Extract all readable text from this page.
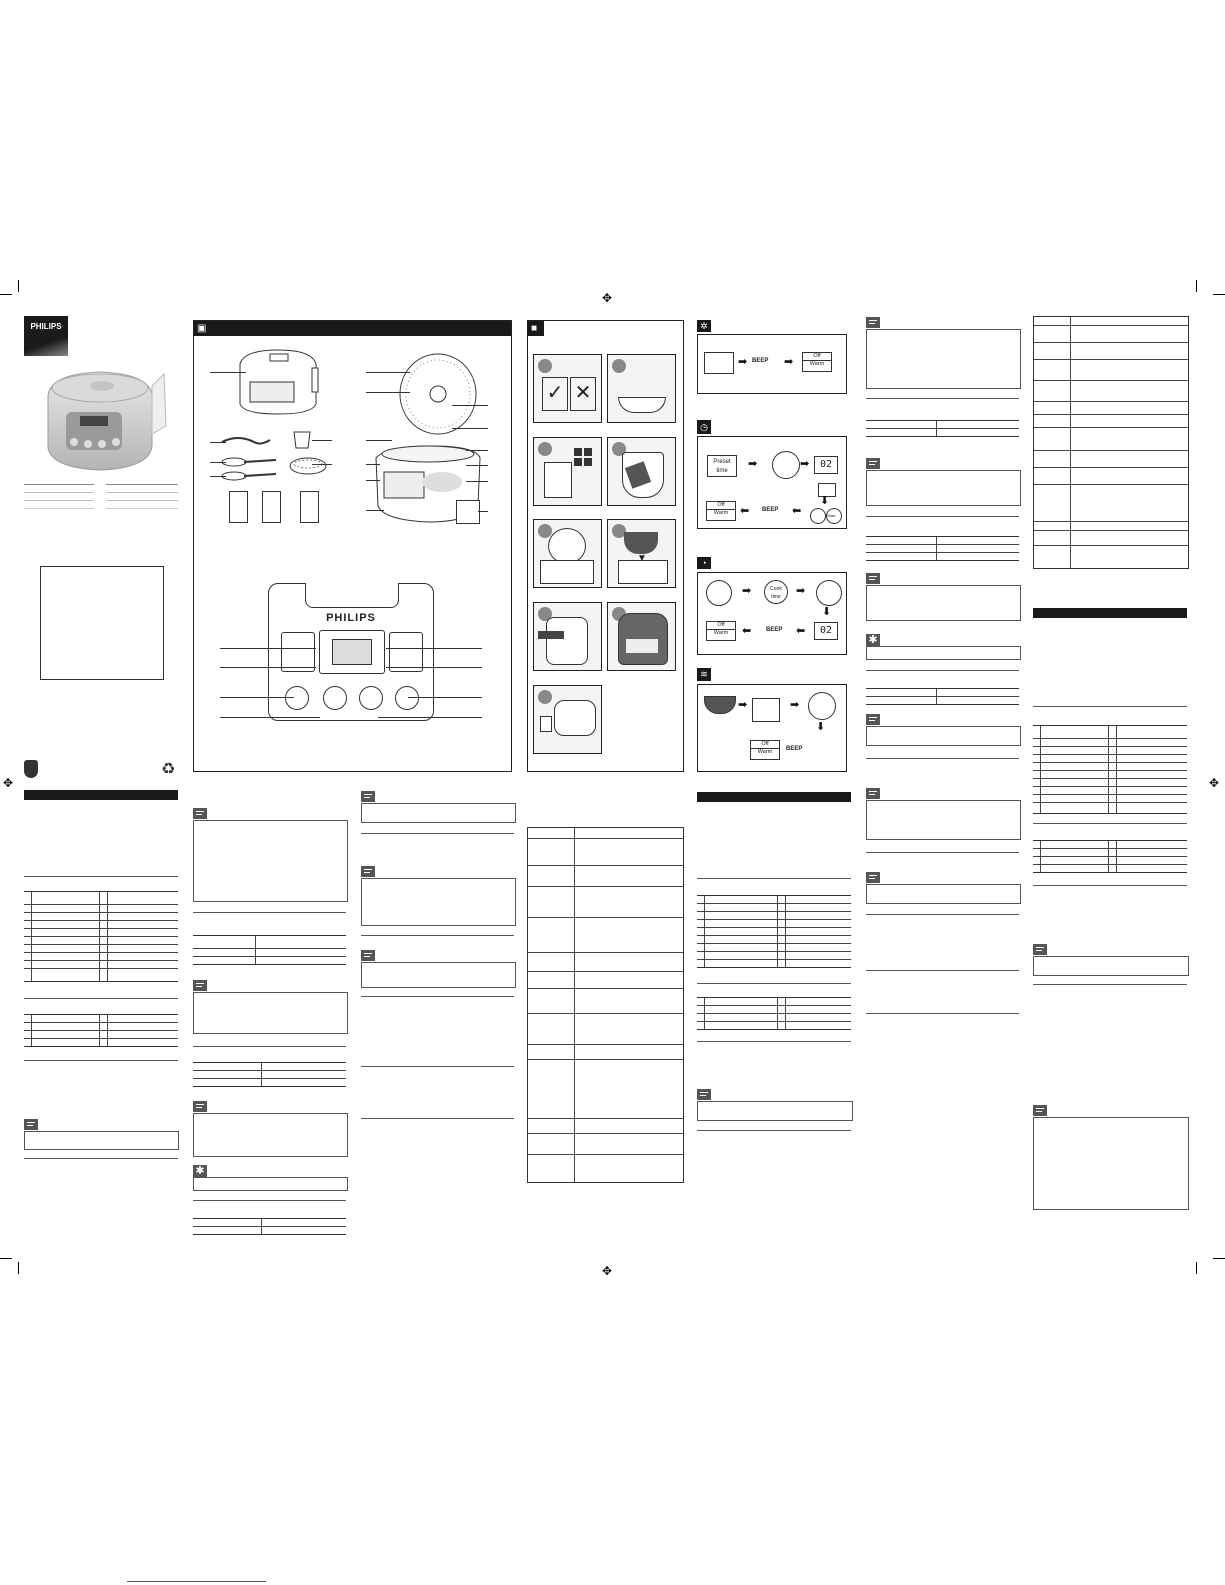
✥
✥
✥	✥
PHILIPS
♻
▣
PHILIPS
■
✓ ✕
▼
✲
➡ BEEP ➡	Off
Warm
◷
Preset time
➡	➡	02
⬇
Start
⬅
BEEP
⬅
Off
Warm
◔
➡	Cook time	➡
⬇
02
⬅
BEEP
⬅
Off
Warm
≋
➡	➡
⬇
BEEP
Off
Warm
✱
✱
